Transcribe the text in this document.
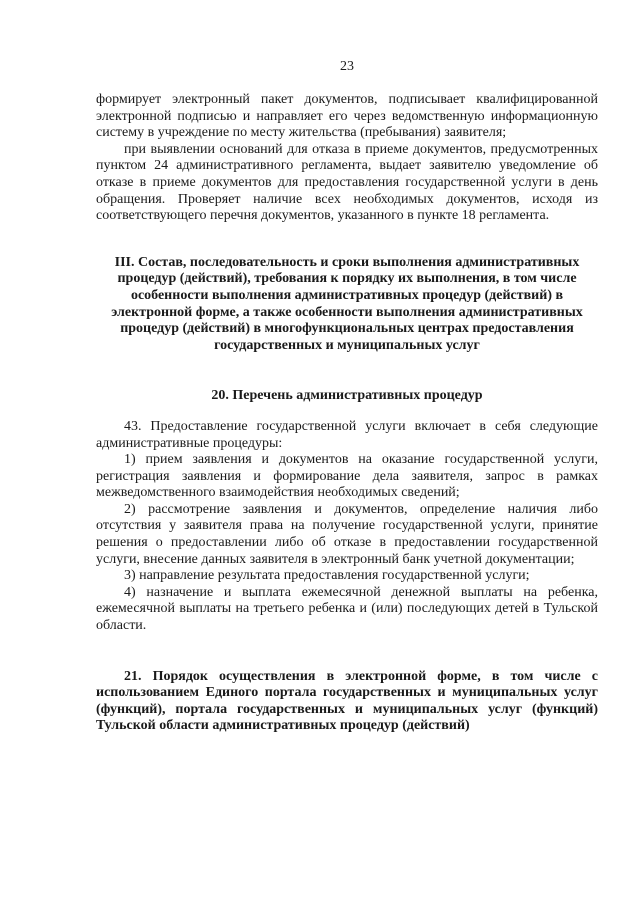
23

формирует электронный пакет документов, подписывает квалифицированной электронной подписью и направляет его через ведомственную информационную систему в учреждение по месту жительства (пребывания) заявителя;

при выявлении оснований для отказа в приеме документов, предусмотренных пунктом 24 административного регламента, выдает заявителю уведомление об отказе в приеме документов для предоставления государственной услуги в день обращения. Проверяет наличие всех необходимых документов, исходя из соответствующего перечня документов, указанного в пункте 18 регламента.

III. Состав, последовательность и сроки выполнения административных процедур (действий), требования к порядку их выполнения, в том числе особенности выполнения административных процедур (действий) в электронной форме, а также особенности выполнения административных процедур (действий) в многофункциональных центрах предоставления государственных и муниципальных услуг

20. Перечень административных процедур

43. Предоставление государственной услуги включает в себя следующие административные процедуры:

1) прием заявления и документов на оказание государственной услуги, регистрация заявления и формирование дела заявителя, запрос в рамках межведомственного взаимодействия необходимых сведений;

2) рассмотрение заявления и документов, определение наличия либо отсутствия у заявителя права на получение государственной услуги, принятие решения о предоставлении либо об отказе в предоставлении государственной услуги, внесение данных заявителя в электронный банк учетной документации;

3) направление результата предоставления государственной услуги;

4) назначение и выплата ежемесячной денежной выплаты на ребенка, ежемесячной выплаты на третьего ребенка и (или) последующих детей в Тульской области.

21. Порядок осуществления в электронной форме, в том числе с использованием Единого портала государственных и муниципальных услуг (функций), портала государственных и муниципальных услуг (функций) Тульской области административных процедур (действий)
